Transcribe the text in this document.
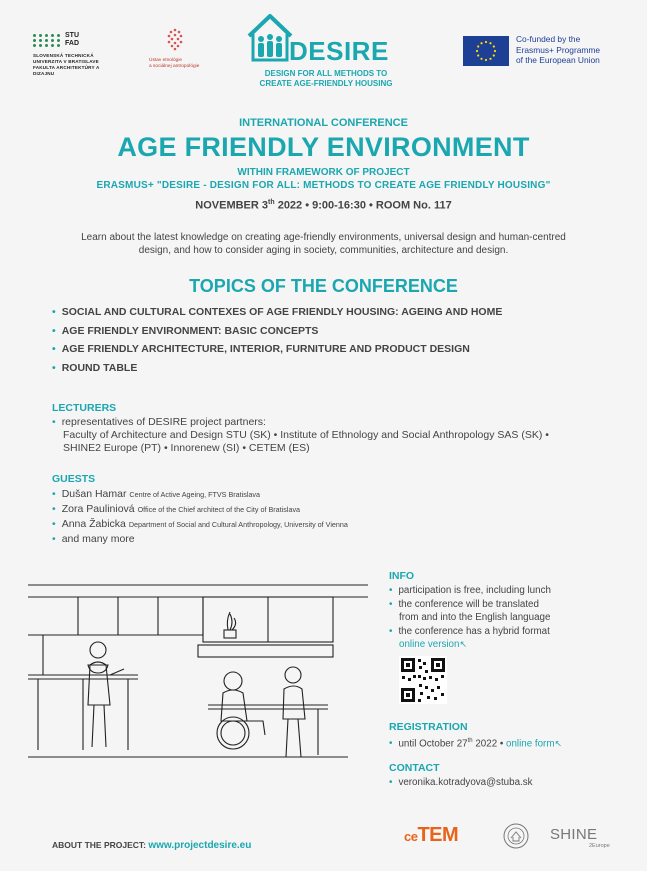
STU
FAD
SLOVENSKÁ TECHNICKÁ
UNIVERZITA V BRATISLAVE
FAKULTA ARCHITEKTÚRY A DIZAJNU
Ústav etnológie
a sociálnej antropológie
DESIRE
DESIGN FOR ALL METHODS TO
CREATE AGE-FRIENDLY HOUSING
Co-funded by the
Erasmus+ Programme
of the European Union
INTERNATIONAL CONFERENCE
AGE FRIENDLY ENVIRONMENT
WITHIN FRAMEWORK OF PROJECT
ERASMUS+ "DESIRE - DESIGN FOR ALL: METHODS TO CREATE AGE FRIENDLY HOUSING"
NOVEMBER 3th 2022 • 9:00-16:30 • ROOM No. 117
Learn about the latest knowledge on creating age-friendly environments, universal design and human-centred design, and how to consider aging in society, communities, architecture and design.
TOPICS OF THE CONFERENCE
• SOCIAL AND CULTURAL CONTEXES OF AGE FRIENDLY HOUSING: AGEING AND HOME
• AGE FRIENDLY ENVIRONMENT: BASIC CONCEPTS
• AGE FRIENDLY ARCHITECTURE, INTERIOR, FURNITURE AND PRODUCT DESIGN
• ROUND TABLE
LECTURERS
• representatives of DESIRE project partners:
Faculty of Architecture and Design STU (SK) • Institute of Ethnology and Social Anthropology SAS (SK) •
SHINE2 Europe (PT) • Innorenew (SI) • CETEM (ES)
GUESTS
• Dušan Hamar Centre of Active Ageing, FTVS Bratislava
• Zora Pauliniová Office of the Chief architect of the City of Bratislava
• Anna Žabicka Department of Social and Cultural Anthropology, University of Vienna
• and many more
INFO
• participation is free, including lunch
• the conference will be translated
from and into the English language
• the conference has a hybrid format
online version↖
REGISTRATION
• until October 27th 2022 • online form↖
CONTACT
• veronika.kotradyova@stuba.sk
ABOUT THE PROJECT: www.projectdesire.eu
ceTEM	SHINE
2Europe
